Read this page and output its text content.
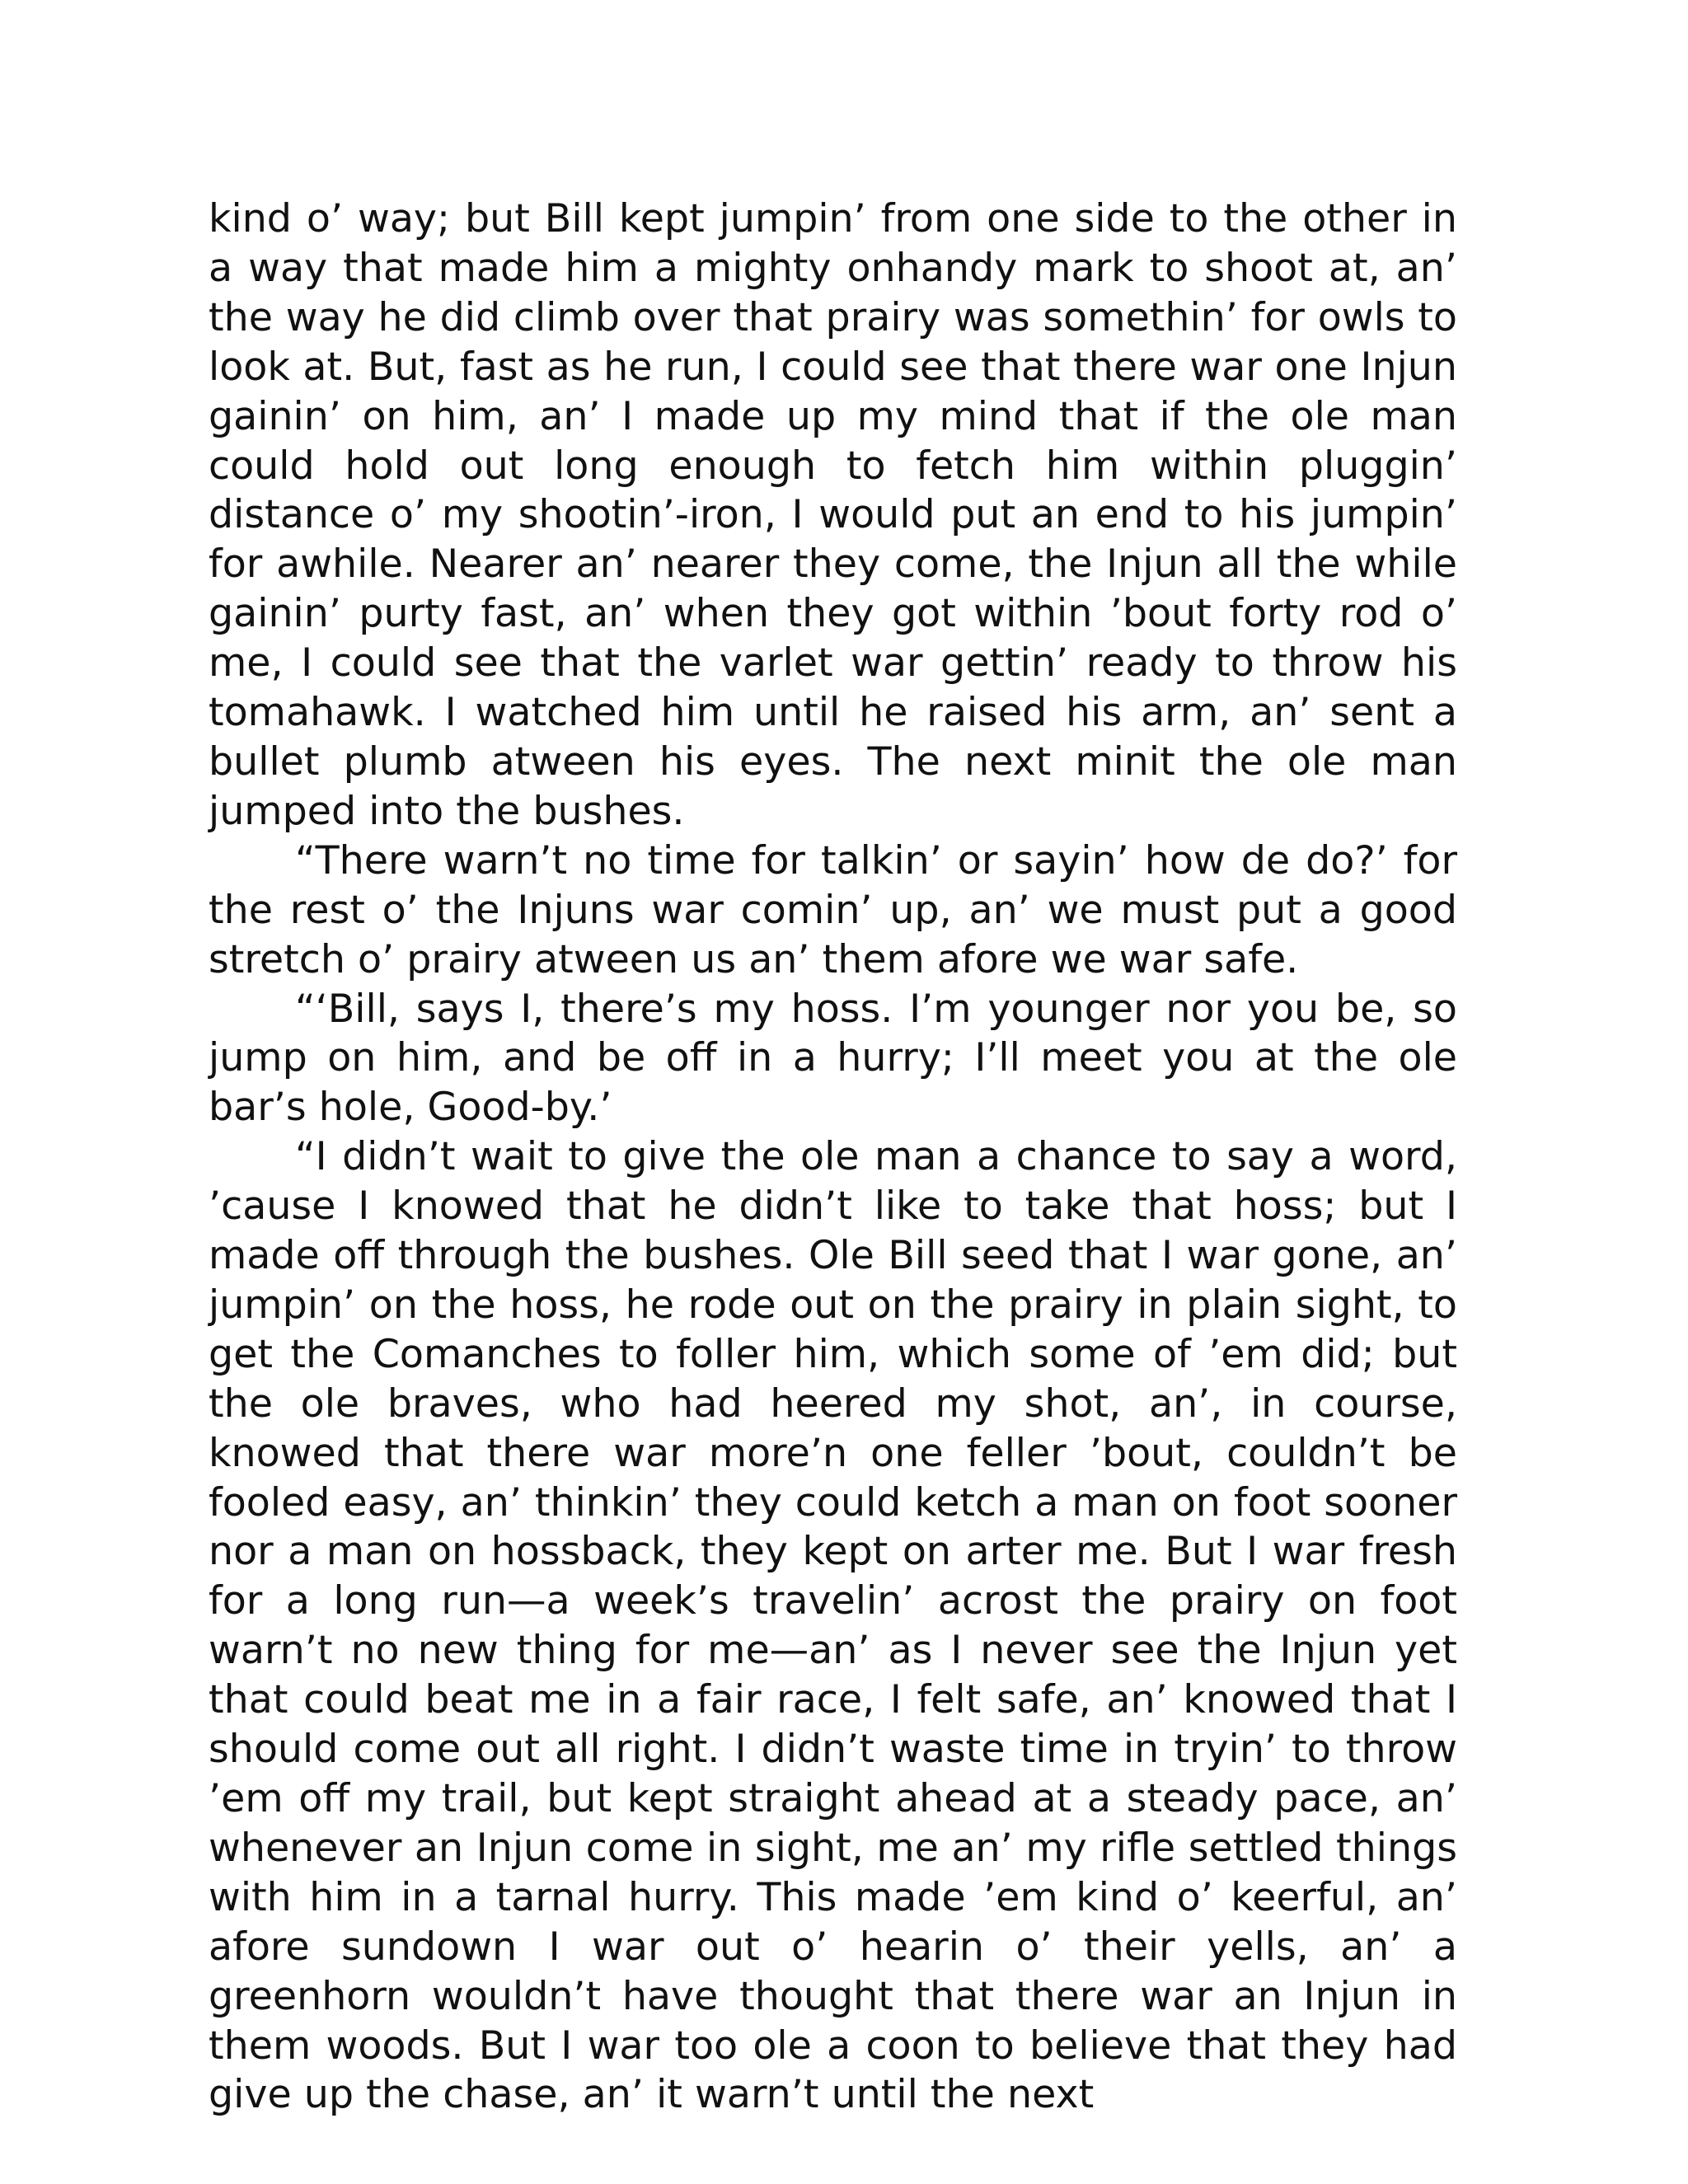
kind o’ way; but Bill kept jumpin’ from one side to the other in a way that made him a mighty onhandy mark to shoot at, an’ the way he did climb over that prairy was somethin’ for owls to look at. But, fast as he run, I could see that there war one Injun gainin’ on him, an’ I made up my mind that if the ole man could hold out long enough to fetch him within pluggin’ distance o’ my shootin’-iron, I would put an end to his jumpin’ for awhile. Nearer an’ nearer they come, the Injun all the while gainin’ purty fast, an’ when they got within ’bout forty rod o’ me, I could see that the varlet war gettin’ ready to throw his tomahawk. I watched him until he raised his arm, an’ sent a bullet plumb atween his eyes. The next minit the ole man jumped into the bushes.

“There warn’t no time for talkin’ or sayin’ how de do?’ for the rest o’ the Injuns war comin’ up, an’ we must put a good stretch o’ prairy atween us an’ them afore we war safe.

“‘Bill, says I, there’s my hoss. I’m younger nor you be, so jump on him, and be off in a hurry; I’ll meet you at the ole bar’s hole, Good-by.’

“I didn’t wait to give the ole man a chance to say a word, ’cause I knowed that he didn’t like to take that hoss; but I made off through the bushes. Ole Bill seed that I war gone, an’ jumpin’ on the hoss, he rode out on the prairy in plain sight, to get the Comanches to foller him, which some of ’em did; but the ole braves, who had heered my shot, an’, in course, knowed that there war more’n one feller ’bout, couldn’t be fooled easy, an’ thinkin’ they could ketch a man on foot sooner nor a man on hossback, they kept on arter me. But I war fresh for a long run—a week’s travelin’ acrost the prairy on foot warn’t no new thing for me—an’ as I never see the Injun yet that could beat me in a fair race, I felt safe, an’ knowed that I should come out all right. I didn’t waste time in tryin’ to throw ’em off my trail, but kept straight ahead at a steady pace, an’ whenever an Injun come in sight, me an’ my rifle settled things with him in a tarnal hurry. This made ’em kind o’ keerful, an’ afore sundown I war out o’ hearin o’ their yells, an’ a greenhorn wouldn’t have thought that there war an Injun in them woods. But I war too ole a coon to believe that they had give up the chase, an’ it warn’t until the next
